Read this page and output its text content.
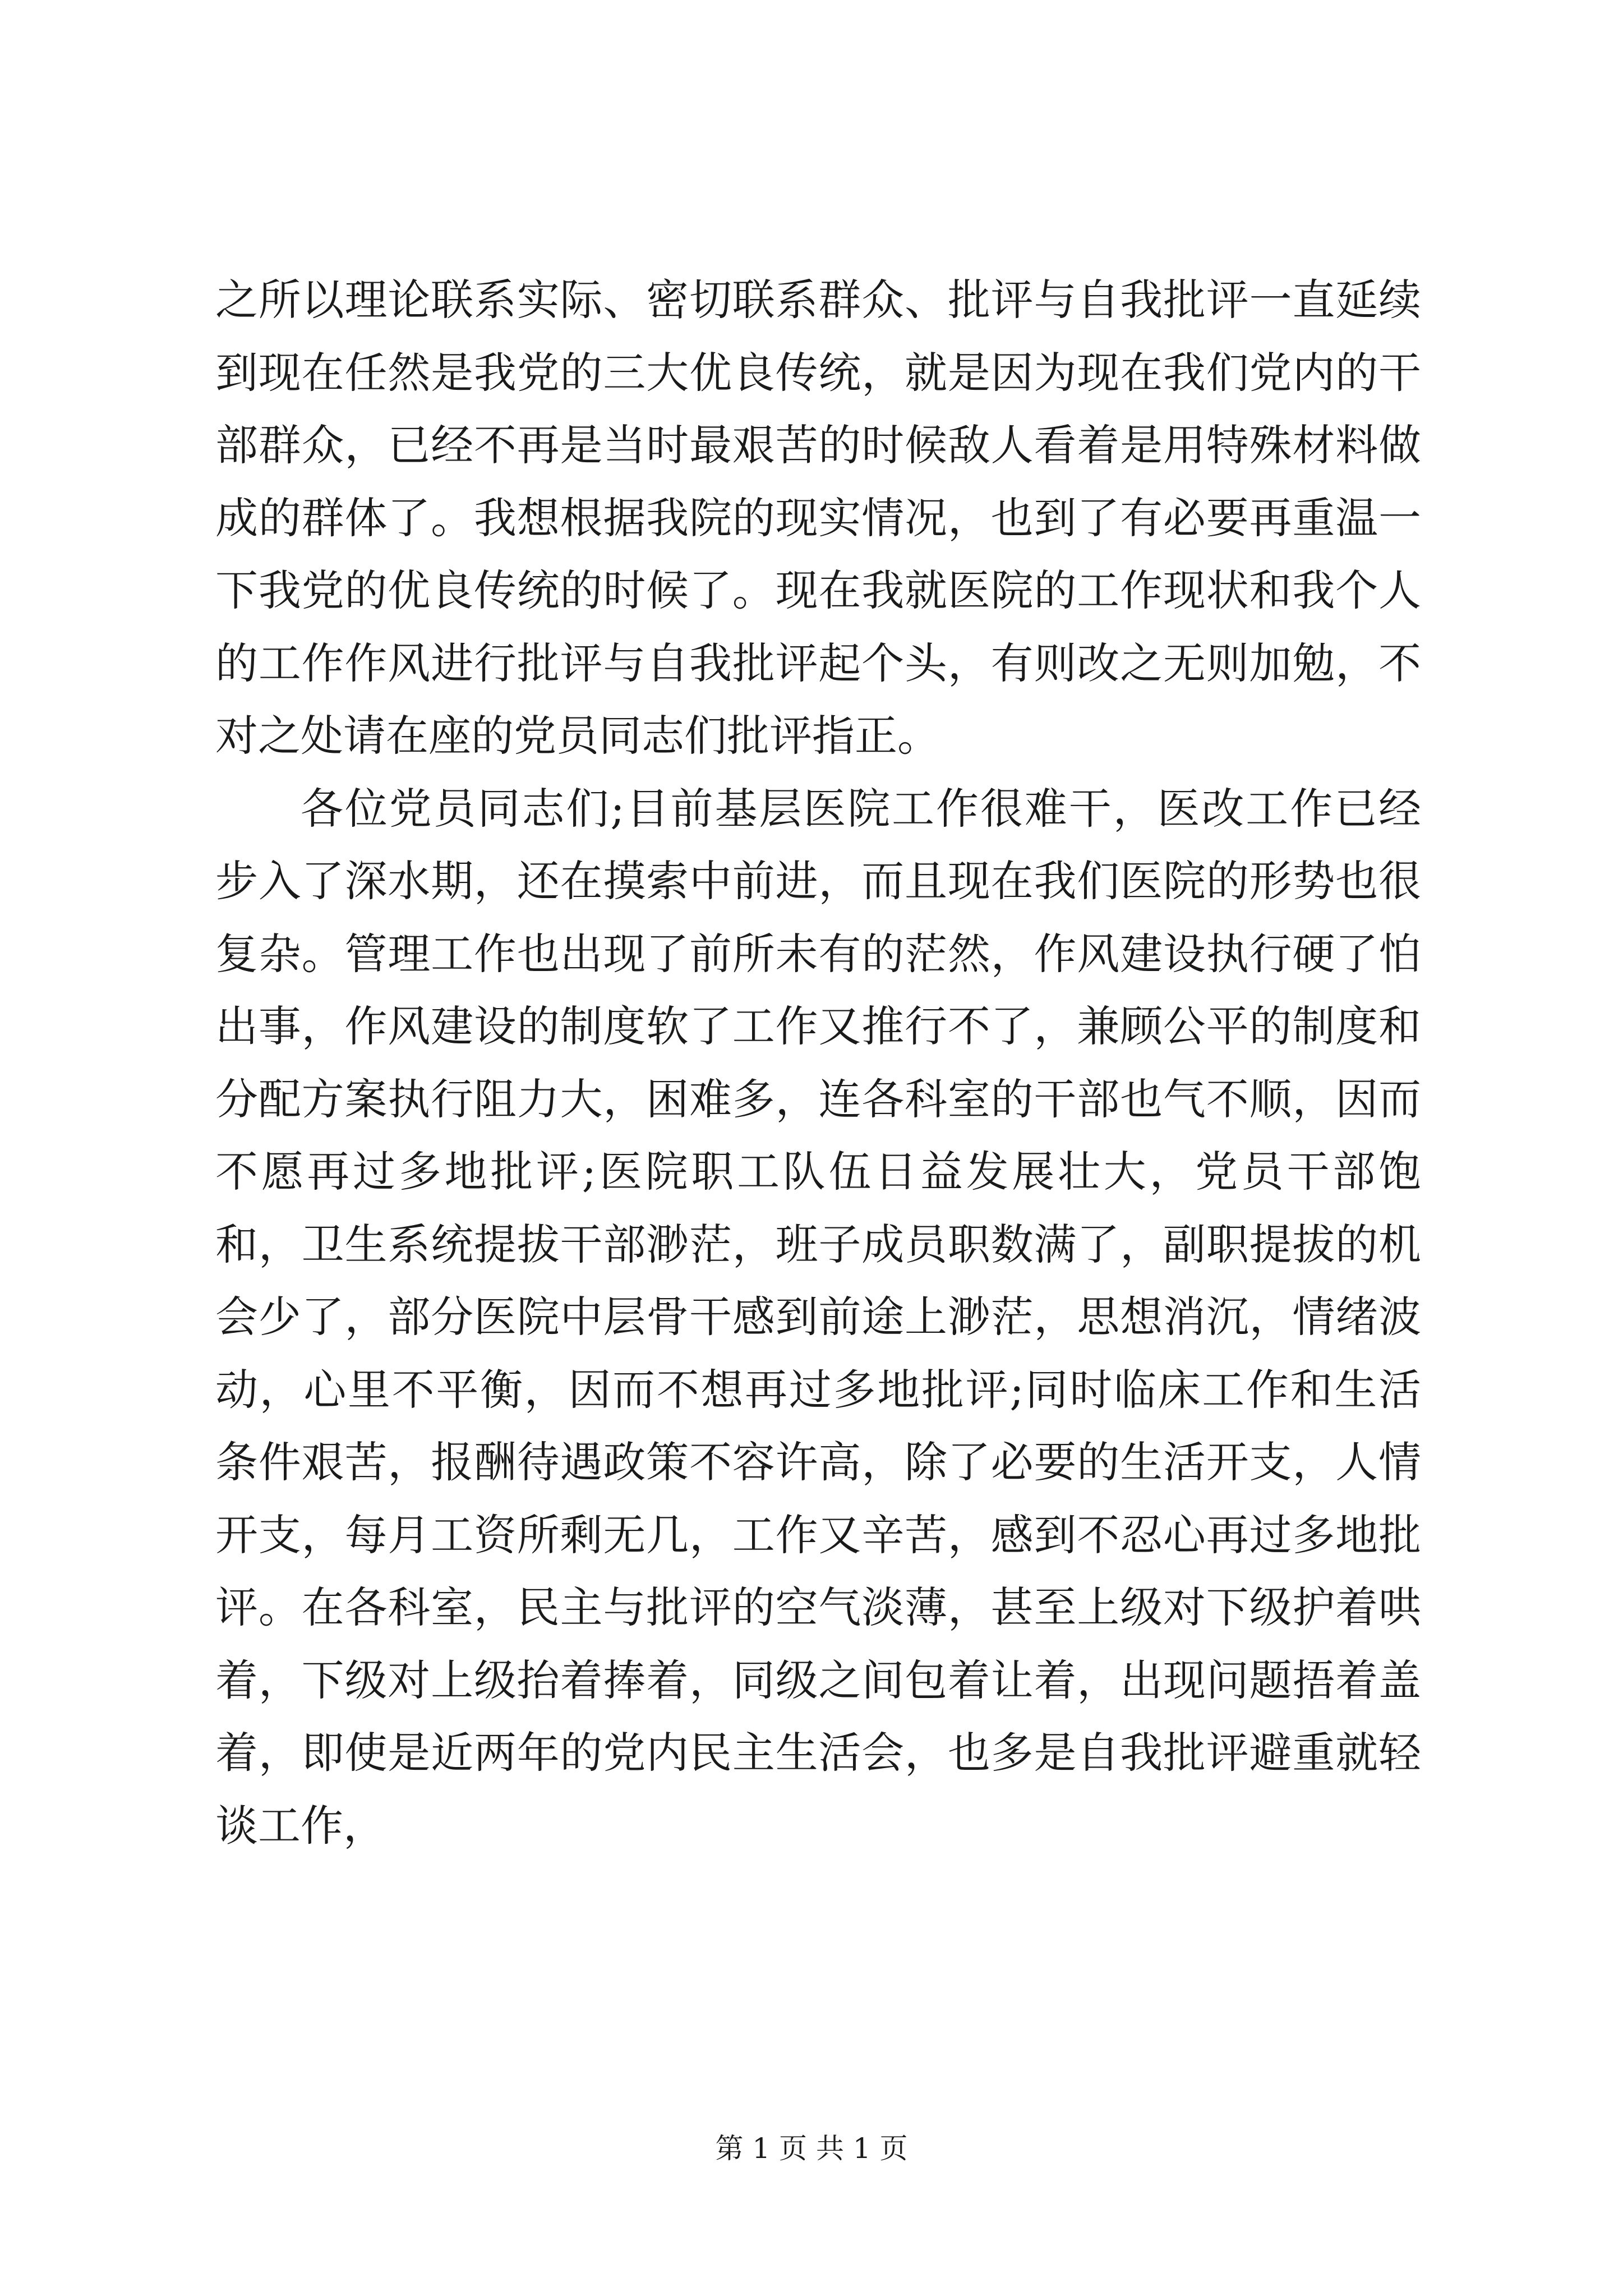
之所以理论联系实际、密切联系群众、批评与自我批评一直延续到现在任然是我党的三大优良传统，就是因为现在我们党内的干部群众，已经不再是当时最艰苦的时候敌人看着是用特殊材料做成的群体了。我想根据我院的现实情况，也到了有必要再重温一下我党的优良传统的时候了。现在我就医院的工作现状和我个人的工作作风进行批评与自我批评起个头，有则改之无则加勉，不对之处请在座的党员同志们批评指正。

各位党员同志们;目前基层医院工作很难干，医改工作已经步入了深水期，还在摸索中前进，而且现在我们医院的形势也很复杂。管理工作也出现了前所未有的茫然，作风建设执行硬了怕出事，作风建设的制度软了工作又推行不了，兼顾公平的制度和分配方案执行阻力大，困难多，连各科室的干部也气不顺，因而不愿再过多地批评;医院职工队伍日益发展壮大，党员干部饱和，卫生系统提拔干部渺茫，班子成员职数满了，副职提拔的机会少了，部分医院中层骨干感到前途上渺茫，思想消沉，情绪波动，心里不平衡，因而不想再过多地批评;同时临床工作和生活条件艰苦，报酬待遇政策不容许高，除了必要的生活开支，人情开支，每月工资所剩无几，工作又辛苦，感到不忍心再过多地批评。在各科室，民主与批评的空气淡薄，甚至上级对下级护着哄着，下级对上级抬着捧着，同级之间包着让着，出现问题捂着盖着，即使是近两年的党内民主生活会，也多是自我批评避重就轻谈工作，

第 1 页 共 1 页
